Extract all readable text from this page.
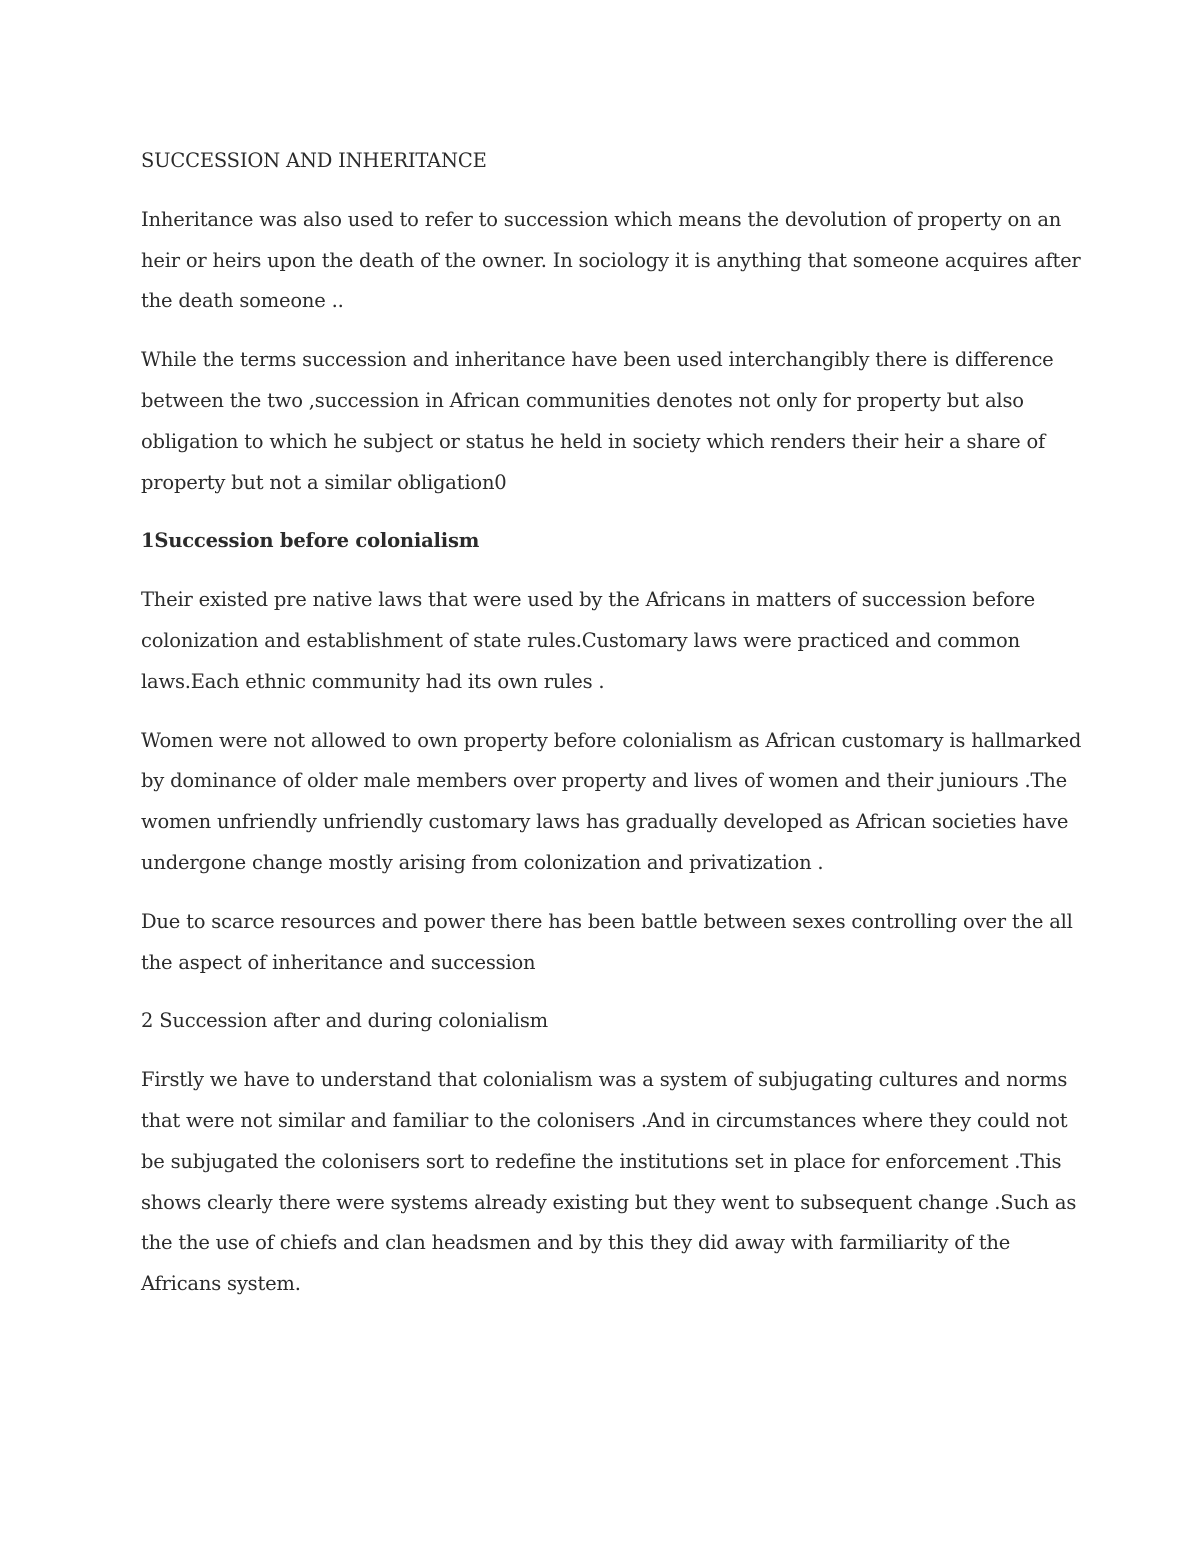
SUCCESSION AND INHERITANCE
Inheritance was also used to refer to succession which means the devolution of property on an
heir or heirs upon the death of the owner. In sociology it is anything that someone acquires after
the death someone ..
While the terms succession and inheritance have been used interchangibly there is difference
between the two ,succession in African communities denotes not only for property but also
obligation to which he subject or status he held in society which renders their heir a share of
property but not a similar obligation0
1Succession before colonialism
Their existed pre native laws that were used by the Africans in matters of succession before
colonization and establishment of state rules.Customary laws were practiced and common
laws.Each ethnic community had its own rules .
Women were not allowed to own property before colonialism as African customary is hallmarked
by dominance of older male members over property and lives of women and their juniours .The
women unfriendly unfriendly customary laws has gradually developed as African societies have
undergone change mostly arising from colonization and privatization .
Due to scarce resources and power there has been battle between sexes controlling over the all
the aspect of inheritance and succession
2 Succession after and during colonialism
Firstly we have to understand that colonialism was a system of subjugating cultures and norms
that were not similar and familiar to the colonisers .And in circumstances where they could not
be subjugated the colonisers sort to redefine the institutions set in place for enforcement .This
shows clearly there were systems already existing but they went to subsequent change .Such as
the the use of chiefs and clan headsmen and by this they did away with farmiliarity of the
Africans system.
